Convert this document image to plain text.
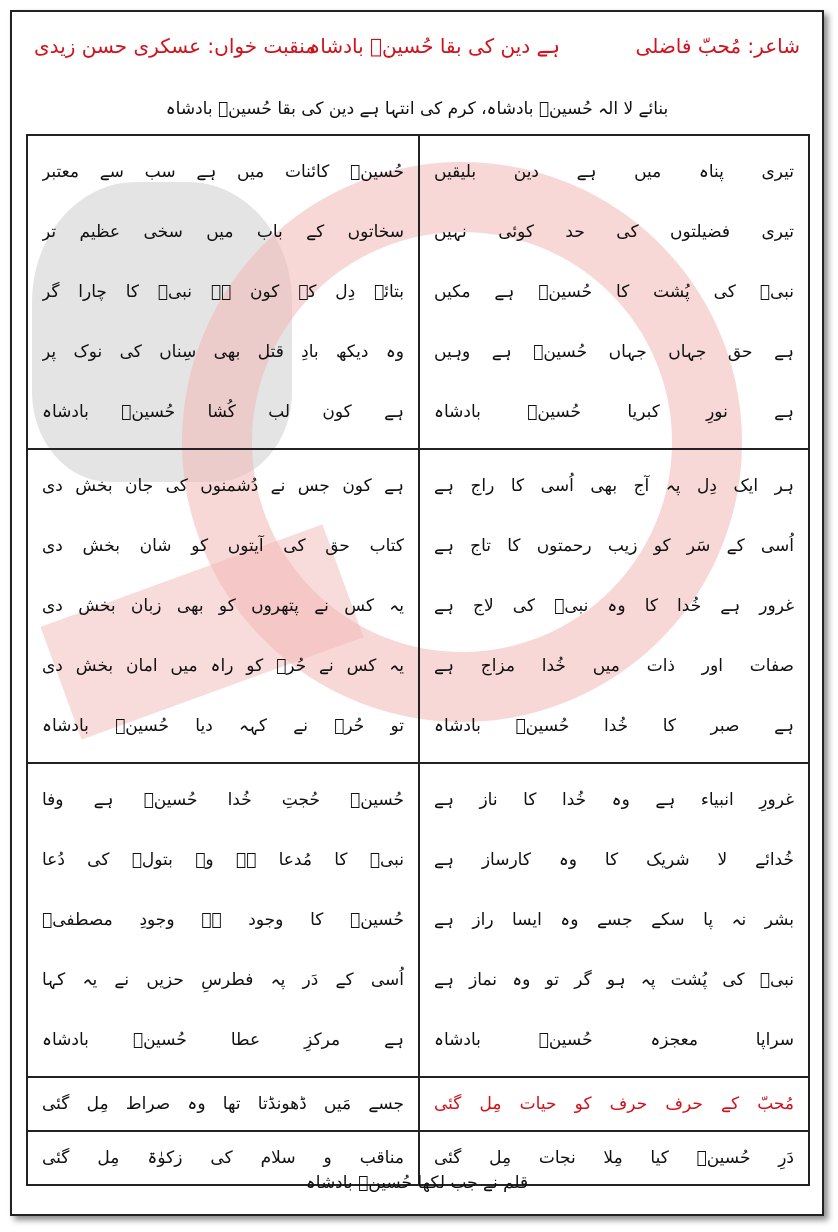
شاعر: مُحبّ فاضلی
ہے دین کی بقا حُسینؑ بادشاہ
منقبت خواں: عسکری حسن زیدی
بنائے لا الہ حُسینؑ بادشاہ، کرم کی انتہا ہے دین کی بقا حُسینؑ بادشاہ
تیری پناہ میں ہے دین بلیقیں
تیری فضیلتوں کی حد کوئی نہیں
نبیؐ کی پُشت کا حُسینؑ ہے مکیں
ہے حق جہاں جہاں حُسینؑ ہے وہیں
ہے نورِ کبریا حُسینؑ بادشاہ
حُسینؑ کائنات میں ہے سب سے معتبر
سخاتوں کے باب میں سخی عظیم تر
بتائے دِل کے کون ہے نبیؐ کا چارا گر
وہ دیکھ بادِ قتل بھی سِناں کی نوک پر
ہے کون لب کُشا حُسینؑ بادشاہ
ہر ایک دِل پہ آج بھی اُسی کا راج ہے
اُسی کے سَر کو زیب رحمتوں کا تاج ہے
غرور ہے خُدا کا وہ نبیؐ کی لاج ہے
صفات اور ذات میں خُدا مزاج ہے
ہے صبر کا خُدا حُسینؑ بادشاہ
ہے کون جس نے دُشمنوں کی جان بخش دی
کتاب حق کی آیتوں کو شان بخش دی
یہ کس نے پتھروں کو بھی زبان بخش دی
یہ کس نے حُرؑ کو راہ میں امان بخش دی
تو حُرؑ نے کہہ دیا حُسینؑ بادشاہ
غرورِ انبیاء ہے وہ خُدا کا ناز ہے
خُدائے لا شریک کا وہ کارساز ہے
بشر نہ پا سکے جسے وہ ایسا راز ہے
نبیؐ کی پُشت پہ ہو گر تو وہ نماز ہے
سراپا معجزہ حُسینؑ بادشاہ
حُسینؑ حُجتِ خُدا حُسینؑ ہے وفا
نبیؐ کا مُدعا ہے وہ بتولؑ کی دُعا
حُسینؑ کا وجود ہے وجودِ مصطفیؐ
اُسی کے دَر پہ فطرسِ حزیں نے یہ کہا
ہے مرکزِ عطا حُسینؑ بادشاہ
مُحبّ کے حرف حرف کو حیات مِل گئی
جسے مَیں ڈھونڈتا تھا وہ صراط مِل گئی
دَرِ حُسینؑ کیا مِلا نجات مِل گئی
مناقب و سلام کی زکوٰۃ مِل گئی
قلم نے جب لکھا حُسینؑ بادشاہ
